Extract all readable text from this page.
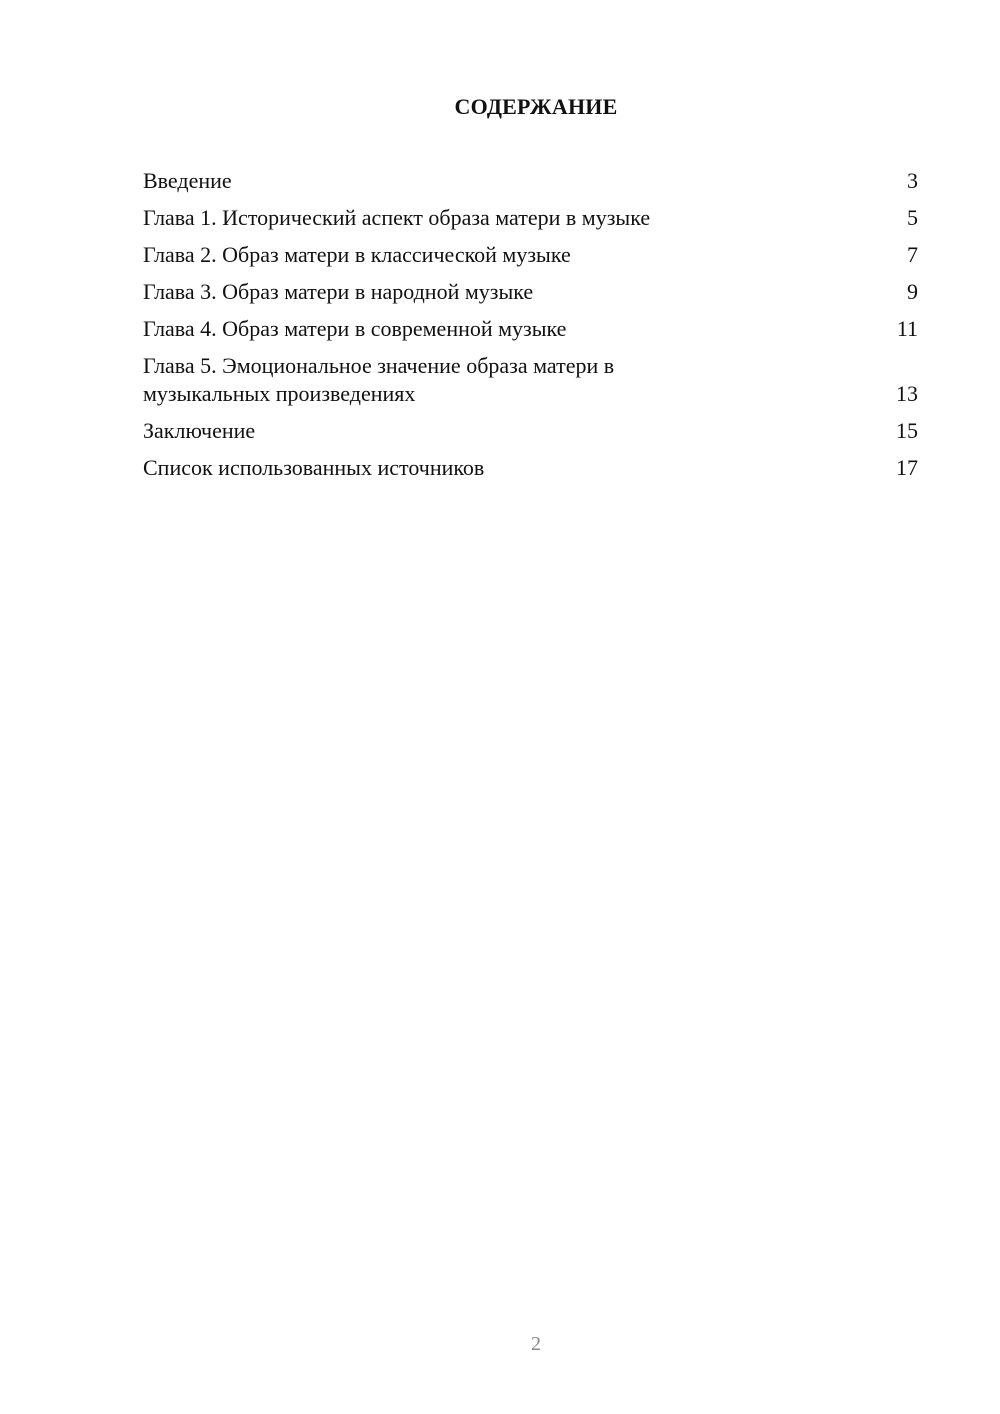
СОДЕРЖАНИЕ
Введение	3
Глава 1. Исторический аспект образа матери в музыке	5
Глава 2. Образ матери в классической музыке	7
Глава 3. Образ матери в народной музыке	9
Глава 4. Образ матери в современной музыке	11
Глава 5. Эмоциональное значение образа матери в музыкальных произведениях	13
Заключение	15
Список использованных источников	17
2
